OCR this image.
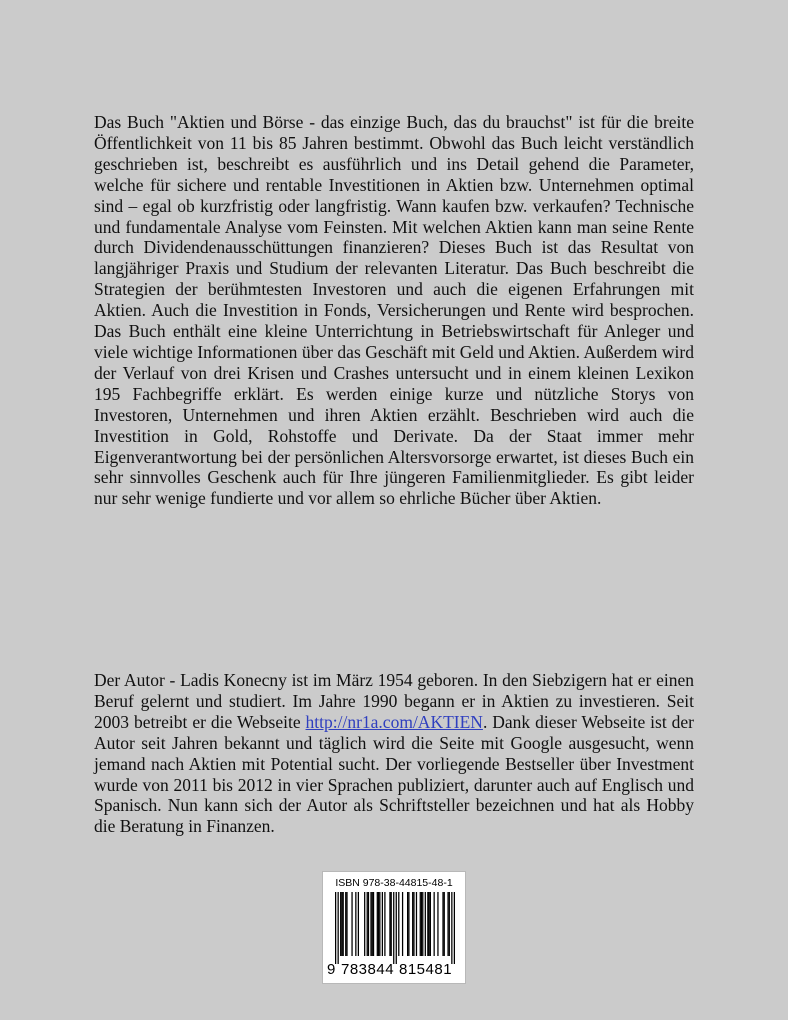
Das Buch "Aktien und Börse - das einzige Buch, das du brauchst" ist für die breite Öffentlichkeit von 11 bis 85 Jahren bestimmt. Obwohl das Buch leicht verständlich geschrieben ist, beschreibt es ausführlich und ins Detail gehend die Parameter, welche für sichere und rentable Investitionen in Aktien bzw. Unternehmen optimal sind – egal ob kurzfristig oder langfristig. Wann kaufen bzw. verkaufen? Technische und fundamentale Analyse vom Feinsten. Mit welchen Aktien kann man seine Rente durch Dividendenausschüttungen finanzieren? Dieses Buch ist das Resultat von langjähriger Praxis und Studium der relevanten Literatur. Das Buch beschreibt die Strategien der berühmtesten Investoren und auch die eigenen Erfahrungen mit Aktien. Auch die Investition in Fonds, Versicherungen und Rente wird besprochen. Das Buch enthält eine kleine Unterrichtung in Betriebswirtschaft für Anleger und viele wichtige Informationen über das Geschäft mit Geld und Aktien. Außerdem wird der Verlauf von drei Krisen und Crashes untersucht und in einem kleinen Lexikon 195 Fachbegriffe erklärt. Es werden einige kurze und nützliche Storys von Investoren, Unternehmen und ihren Aktien erzählt. Beschrieben wird auch die Investition in Gold, Rohstoffe und Derivate. Da der Staat immer mehr Eigenverantwortung bei der persönlichen Altersvorsorge erwartet, ist dieses Buch ein sehr sinnvolles Geschenk auch für Ihre jüngeren Familienmitglieder. Es gibt leider nur sehr wenige fundierte und vor allem so ehrliche Bücher über Aktien.

Der Autor - Ladis Konecny ist im März 1954 geboren. In den Siebzigern hat er einen Beruf gelernt und studiert. Im Jahre 1990 begann er in Aktien zu investieren. Seit 2003 betreibt er die Webseite http://nr1a.com/AKTIEN. Dank dieser Webseite ist der Autor seit Jahren bekannt und täglich wird die Seite mit Google ausgesucht, wenn jemand nach Aktien mit Potential sucht. Der vorliegende Bestseller über Investment wurde von 2011 bis 2012 in vier Sprachen publiziert, darunter auch auf Englisch und Spanisch. Nun kann sich der Autor als Schriftsteller bezeichnen und hat als Hobby die Beratung in Finanzen.

ISBN 978-38-44815-48-1
9 783844 815481
